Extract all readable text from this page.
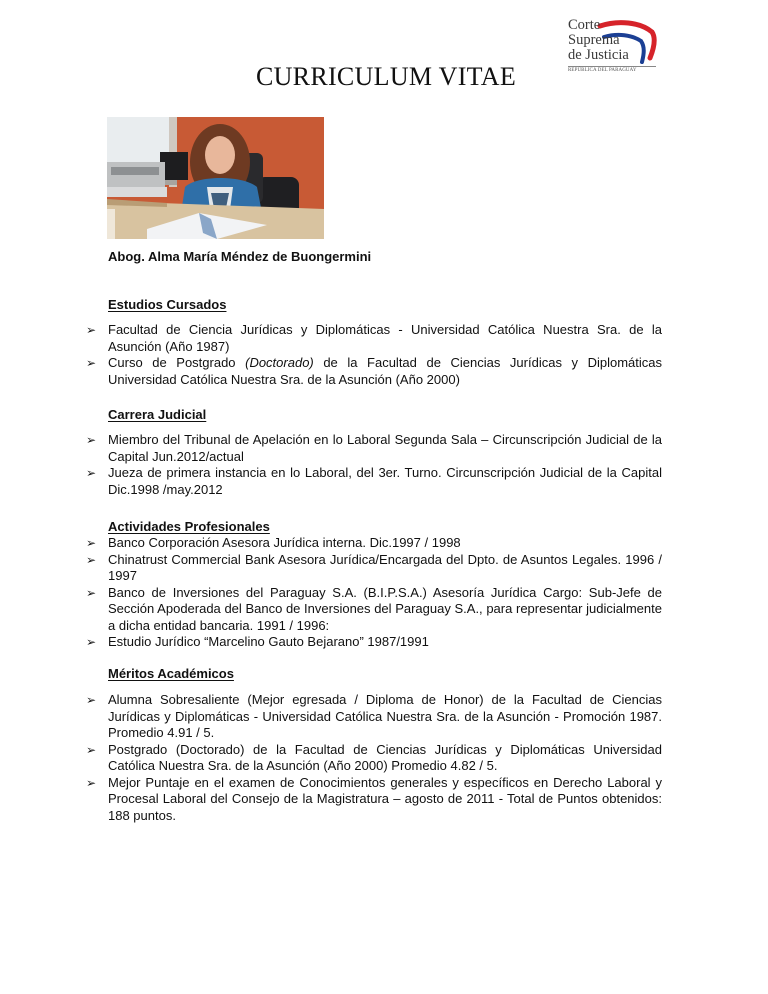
Corte
Suprema
de Justicia
REPÚBLICA DEL PARAGUAY
CURRICULUM VITAE
Abog. Alma María Méndez de Buongermini
Estudios Cursados
➢ Facultad de Ciencia Jurídicas y Diplomáticas - Universidad Católica Nuestra Sra. de la Asunción (Año 1987)
➢ Curso de Postgrado (Doctorado) de la Facultad de Ciencias Jurídicas y Diplomáticas Universidad Católica Nuestra Sra. de la Asunción (Año 2000)
Carrera Judicial
➢ Miembro del Tribunal de Apelación en lo Laboral Segunda Sala – Circunscripción Judicial de la Capital Jun.2012/actual
➢ Jueza de primera instancia en lo Laboral, del 3er. Turno. Circunscripción Judicial de la Capital Dic.1998 /may.2012
Actividades Profesionales
➢ Banco Corporación Asesora Jurídica interna. Dic.1997 / 1998
➢ Chinatrust Commercial Bank Asesora Jurídica/Encargada del Dpto. de Asuntos Legales. 1996 / 1997
➢ Banco de Inversiones del Paraguay S.A. (B.I.P.S.A.) Asesoría Jurídica Cargo: Sub-Jefe de Sección Apoderada del Banco de Inversiones del Paraguay S.A., para representar judicialmente a dicha entidad bancaria. 1991 / 1996:
➢ Estudio Jurídico “Marcelino Gauto Bejarano” 1987/1991
Méritos Académicos
➢ Alumna Sobresaliente (Mejor egresada / Diploma de Honor) de la Facultad de Ciencias Jurídicas y Diplomáticas - Universidad Católica Nuestra Sra. de la Asunción - Promoción 1987. Promedio 4.91 / 5.
➢ Postgrado (Doctorado) de la Facultad de Ciencias Jurídicas y Diplomáticas Universidad Católica Nuestra Sra. de la Asunción (Año 2000) Promedio 4.82 / 5.
➢ Mejor Puntaje en el examen de Conocimientos generales y específicos en Derecho Laboral y Procesal Laboral del Consejo de la Magistratura – agosto de 2011 - Total de Puntos obtenidos: 188 puntos.
